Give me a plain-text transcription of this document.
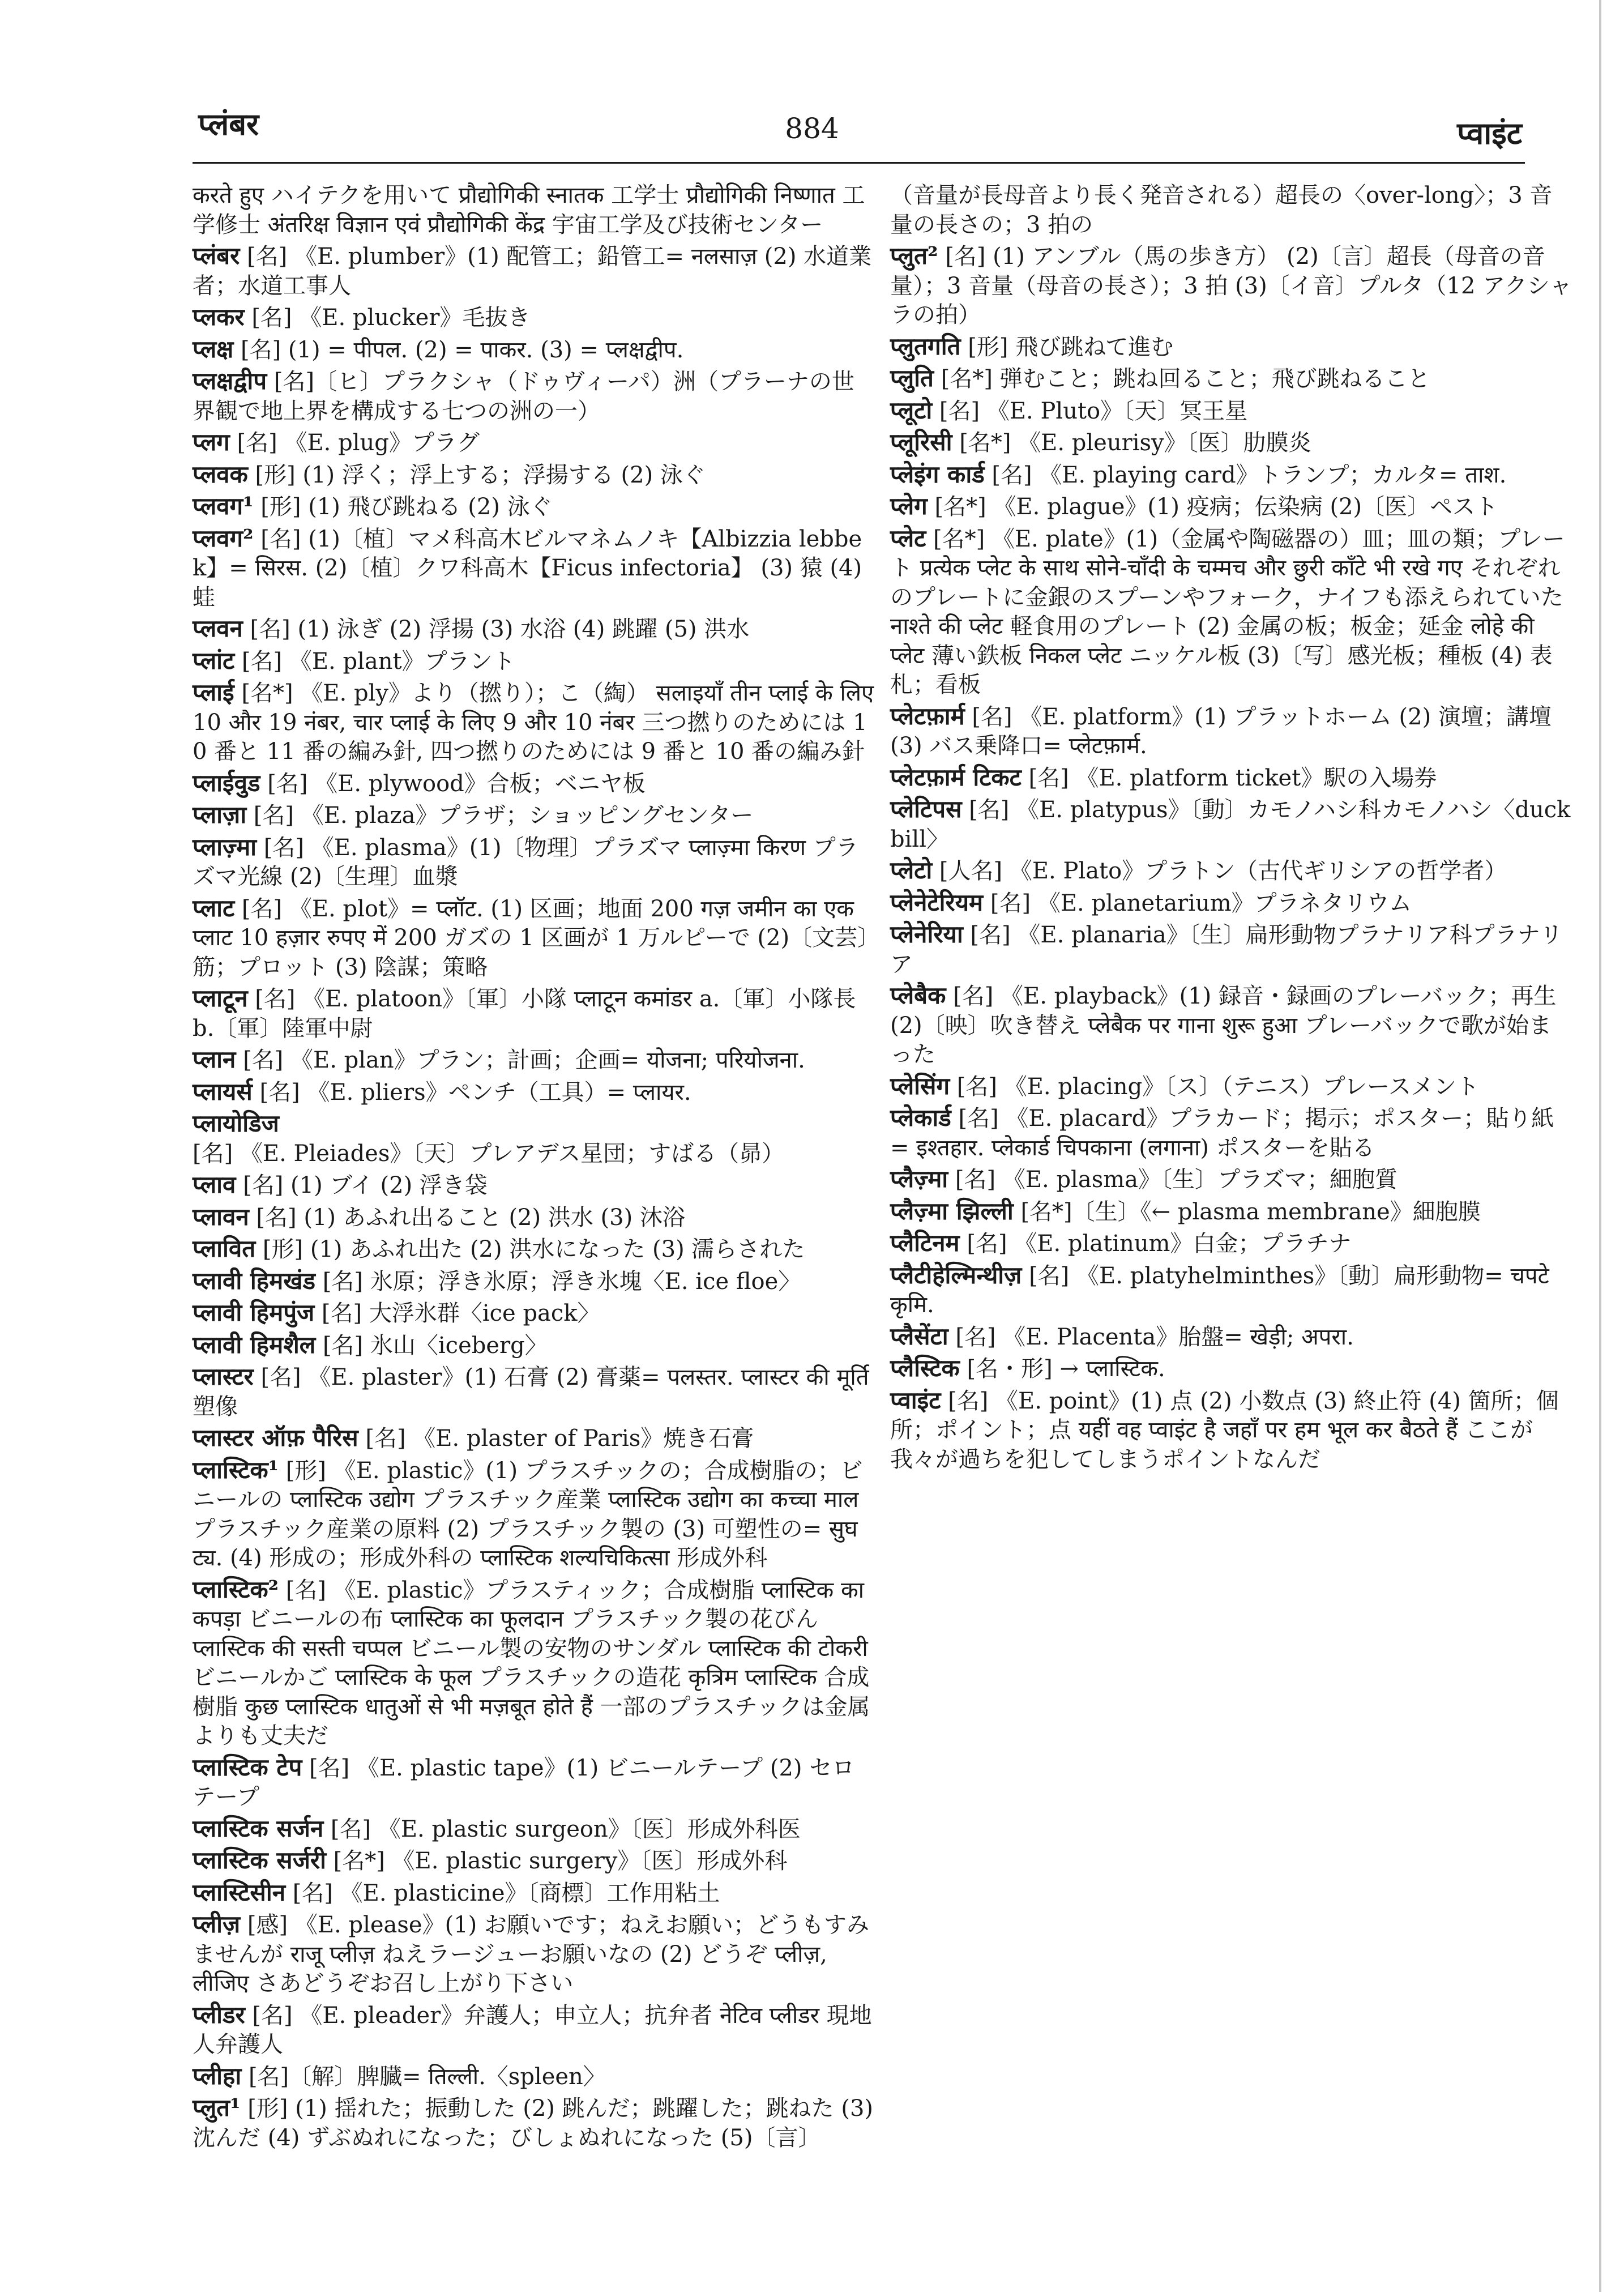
प्लंबर	884	प्वाइंट

करते हुए ハイテクを用いて प्रौद्योगिकी स्नातक 工学士 प्रौद्योगिकी निष्णात 工学修士 अंतरिक्ष विज्ञान एवं प्रौद्योगिकी केंद्र 宇宙工学及び技術センター

प्लंबर [名] 《E. plumber》(1) 配管工；鉛管工= नलसाज़ (2) 水道業者；水道工事人

प्लकर [名] 《E. plucker》毛抜き

प्लक्ष [名] (1) = पीपल. (2) = पाकर. (3) = प्लक्षद्वीप.

प्लक्षद्वीप [名]〔ヒ〕プラクシャ（ドゥヴィーパ）洲（プラーナの世界観で地上界を構成する七つの洲の一）

प्लग [名] 《E. plug》プラグ

प्लवक [形] (1) 浮く；浮上する；浮揚する (2) 泳ぐ

प्लवग¹ [形] (1) 飛び跳ねる (2) 泳ぐ

प्लवग² [名] (1)〔植〕マメ科高木ビルマネムノキ【Albizzia lebbek】= सिरस. (2)〔植〕クワ科高木【Ficus infectoria】 (3) 猿 (4) 蛙

प्लवन [名] (1) 泳ぎ (2) 浮揚 (3) 水浴 (4) 跳躍 (5) 洪水

प्लांट [名] 《E. plant》プラント

प्लाई [名*] 《E. ply》より（撚り）；こ（綯） सलाइयाँ तीन प्लाई के लिए 10 और 19 नंबर, चार प्लाई के लिए 9 और 10 नंबर 三つ撚りのためには 10 番と 11 番の編み針, 四つ撚りのためには 9 番と 10 番の編み針

प्लाईवुड [名] 《E. plywood》合板；ベニヤ板

प्लाज़ा [名] 《E. plaza》プラザ；ショッピングセンター

प्लाज़्मा [名] 《E. plasma》(1)〔物理〕プラズマ प्लाज़्मा किरण プラズマ光線 (2)〔生理〕血漿

प्लाट [名] 《E. plot》= प्लॉट. (1) 区画；地面 200 गज़ जमीन का एक प्लाट 10 हज़ार रुपए में 200 ガズの 1 区画が 1 万ルピーで (2)〔文芸〕筋；プロット (3) 陰謀；策略

प्लाटून [名] 《E. platoon》〔軍〕小隊 प्लाटून कमांडर a.〔軍〕小隊長 b.〔軍〕陸軍中尉

प्लान [名] 《E. plan》プラン；計画；企画= योजना; परियोजना.

प्लायर्स [名] 《E. pliers》ペンチ（工具）= प्लायर.

प्लायोडिज [名] 《E. Pleiades》〔天〕プレアデス星団；すばる（昴）

प्लाव [名] (1) ブイ (2) 浮き袋

प्लावन [名] (1) あふれ出ること (2) 洪水 (3) 沐浴

प्लावित [形] (1) あふれ出た (2) 洪水になった (3) 濡らされた

प्लावी हिमखंड [名] 氷原；浮き氷原；浮き氷塊〈E. ice floe〉

प्लावी हिमपुंज [名] 大浮氷群〈ice pack〉

प्लावी हिमशैल [名] 氷山〈iceberg〉

प्लास्टर [名] 《E. plaster》(1) 石膏 (2) 膏薬= पलस्तर. प्लास्टर की मूर्ति 塑像

प्लास्टर ऑफ़ पैरिस [名] 《E. plaster of Paris》焼き石膏

प्लास्टिक¹ [形] 《E. plastic》(1) プラスチックの；合成樹脂の；ビニールの प्लास्टिक उद्योग プラスチック産業 प्लास्टिक उद्योग का कच्चा माल プラスチック産業の原料 (2) プラスチック製の (3) 可塑性の= सुघट्य. (4) 形成の；形成外科の प्लास्टिक शल्यचिकित्सा 形成外科

प्लास्टिक² [名] 《E. plastic》プラスティック；合成樹脂 प्लास्टिक का कपड़ा ビニールの布 प्लास्टिक का फूलदान プラスチック製の花びん प्लास्टिक की सस्ती चप्पल ビニール製の安物のサンダル प्लास्टिक की टोकरी ビニールかご प्लास्टिक के फूल プラスチックの造花 कृत्रिम प्लास्टिक 合成樹脂 कुछ प्लास्टिक धातुओं से भी मज़बूत होते हैं 一部のプラスチックは金属よりも丈夫だ

प्लास्टिक टेप [名] 《E. plastic tape》(1) ビニールテープ (2) セロテープ

प्लास्टिक सर्जन [名] 《E. plastic surgeon》〔医〕形成外科医

प्लास्टिक सर्जरी [名*] 《E. plastic surgery》〔医〕形成外科

प्लास्टिसीन [名] 《E. plasticine》〔商標〕工作用粘土

प्लीज़ [感] 《E. please》(1) お願いです；ねえお願い；どうもすみませんが राजू प्लीज़ ねえラージューお願いなの (2) どうぞ प्लीज़, लीजिए さあどうぞお召し上がり下さい

प्लीडर [名] 《E. pleader》弁護人；申立人；抗弁者 नेटिव प्लीडर 現地人弁護人

प्लीहा [名]〔解〕脾臓= तिल्ली.〈spleen〉

प्लुत¹ [形] (1) 揺れた；振動した (2) 跳んだ；跳躍した；跳ねた (3) 沈んだ (4) ずぶぬれになった；びしょぬれになった (5)〔言〕

（音量が長母音より長く発音される）超長の〈over-long〉；3 音量の長さの；3 拍の

प्लुत² [名] (1) アンブル（馬の歩き方） (2)〔言〕超長（母音の音量）；3 音量（母音の長さ）；3 拍 (3)〔イ音〕プルタ（12 アクシャラの拍）

प्लुतगति [形] 飛び跳ねて進む

प्लुति [名*] 弾むこと；跳ね回ること；飛び跳ねること

प्लूटो [名] 《E. Pluto》〔天〕冥王星

प्लूरिसी [名*] 《E. pleurisy》〔医〕肋膜炎

प्लेइंग कार्ड [名] 《E. playing card》トランプ；カルタ= ताश.

प्लेग [名*] 《E. plague》(1) 疫病；伝染病 (2)〔医〕ペスト

प्लेट [名*] 《E. plate》(1)（金属や陶磁器の）皿；皿の類；プレート प्रत्येक प्लेट के साथ सोने-चाँदी के चम्मच और छुरी काँटे भी रखे गए それぞれのプレートに金銀のスプーンやフォーク，ナイフも添えられていた नाश्ते की प्लेट 軽食用のプレート (2) 金属の板；板金；延金 लोहे की प्लेट 薄い鉄板 निकल प्लेट ニッケル板 (3)〔写〕感光板；種板 (4) 表札；看板

प्लेटफ़ार्म [名] 《E. platform》(1) プラットホーム (2) 演壇；講壇 (3) バス乗降口= प्लेटफ़ार्म.

प्लेटफ़ार्म टिकट [名] 《E. platform ticket》駅の入場券

प्लेटिपस [名] 《E. platypus》〔動〕カモノハシ科カモノハシ〈duckbill〉

प्लेटो [人名] 《E. Plato》プラトン（古代ギリシアの哲学者）

प्लेनेटेरियम [名] 《E. planetarium》プラネタリウム

प्लेनेरिया [名] 《E. planaria》〔生〕扁形動物プラナリア科プラナリア

प्लेबैक [名] 《E. playback》(1) 録音・録画のプレーバック；再生 (2)〔映〕吹き替え प्लेबैक पर गाना शुरू हुआ プレーバックで歌が始まった

प्लेसिंग [名] 《E. placing》〔ス〕（テニス）プレースメント

प्लेकार्ड [名] 《E. placard》プラカード；掲示；ポスター；貼り紙= इश्तहार. प्लेकार्ड चिपकाना (लगाना) ポスターを貼る

प्लैज़्मा [名] 《E. plasma》〔生〕プラズマ；細胞質

प्लैज़्मा झिल्ली [名*]〔生〕《← plasma membrane》細胞膜

प्लैटिनम [名] 《E. platinum》白金；プラチナ

प्लैटीहेल्मिन्थीज़ [名] 《E. platyhelminthes》〔動〕扁形動物= चपटे कृमि.

प्लैसेंटा [名] 《E. Placenta》胎盤= खेड़ी; अपरा.

प्लैस्टिक [名・形] → प्लास्टिक.

प्वाइंट [名] 《E. point》(1) 点 (2) 小数点 (3) 終止符 (4) 箇所；個所；ポイント；点 यहीं वह प्वाइंट है जहाँ पर हम भूल कर बैठते हैं ここが我々が過ちを犯してしまうポイントなんだ
